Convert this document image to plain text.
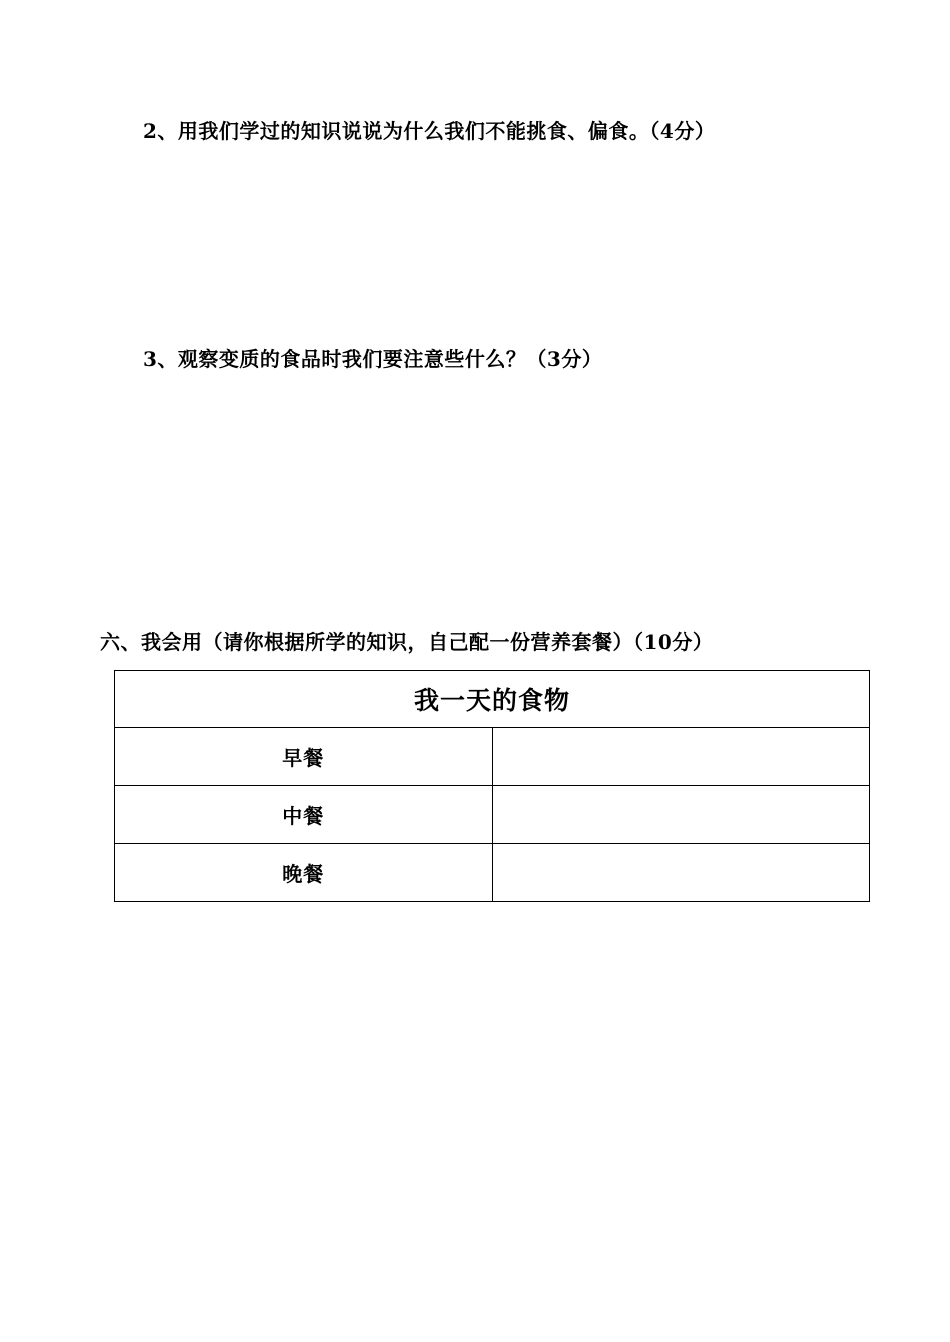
2、用我们学过的知识说说为什么我们不能挑食、偏食。（4分）
3、观察变质的食品时我们要注意些什么？（3分）
六、我会用（请你根据所学的知识，自己配一份营养套餐）（10分）
我一天的食物	
早餐	

中餐	

晚餐	
